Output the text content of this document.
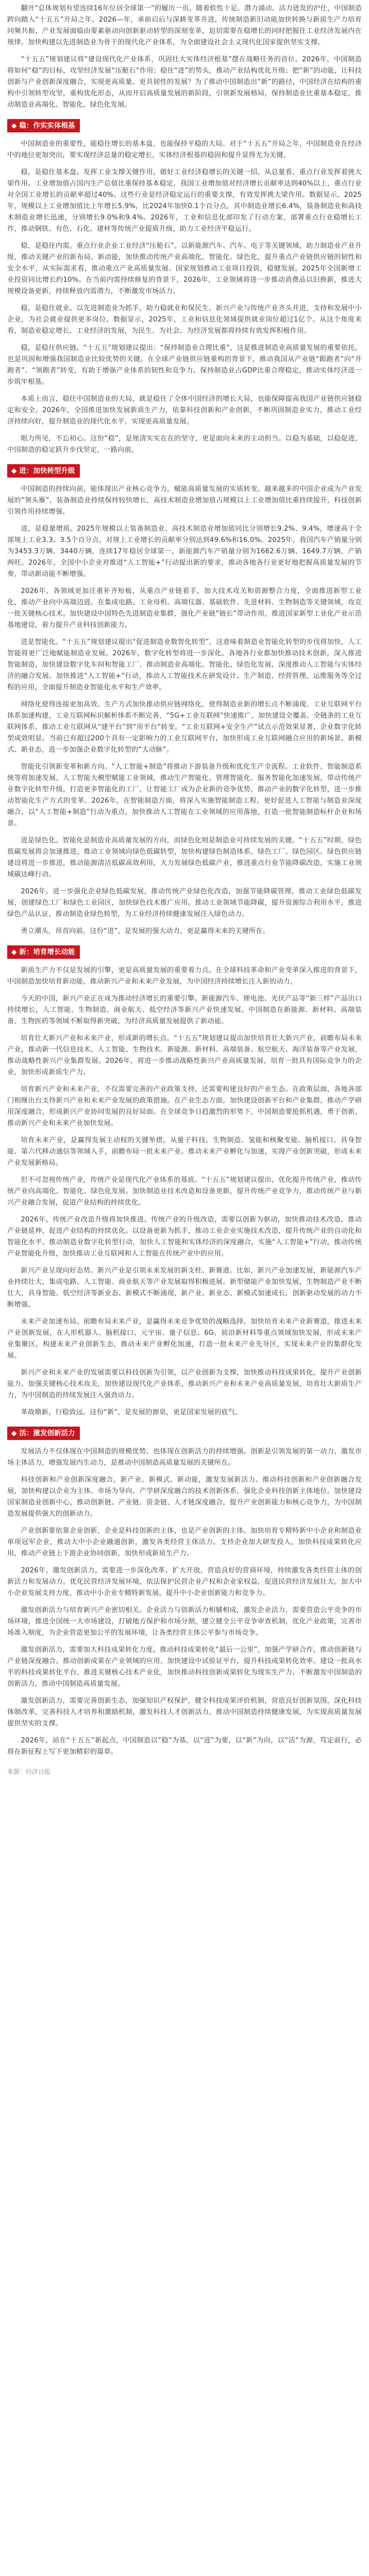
翻开“总体规划有望连续16年位居全球第一”的履历一页，随着软性十足、潜力涌动、活力迸发的沪仕，中国制造跨向踏入“十五五”开局之年。2026—年，承前启后与深耕变革并进，传统制造新旧动能加快转换与新质生产力培育同频共振，产业发展面临由要素驱动向创新驱动转型的深刻变革，迫切需要在稳增长的同时把握住工业经济发展内在规律。加快构建以先进制造业为骨干的现代化产业体系，为全面建设社会主义现代化国家提供坚实支撑。

“十五五”规划建议将“建设现代化产业体系，巩固壮大实体经济根基”摆在战略任务的首位。2026年，中国制造将如何“稳”的目标，攻坚经济发展“压舱石”作用；稳住“进”的势头，推动产业结构优化升级；把“新”的动能，让科技创新与产业创新深度融合，实现更高质量、更具韧性的发展？为了推动中国制造出“新”的路径，中国经济在结构的重构中引领转型攻坚，重构优化形态，从而开启高质量发展的新阶段，引领新发展格局，保持制造业比重基本稳定，推动制造业高端化、智能化、绿色化发展。

◆ 稳：作实实体根基

中国制造业的重要性，能稳住增长的基本盘，也能保持平稳的大局。对于“十五五”开局之年，中国制造业在经济中的地位更加突出，要实现经济总量的稳定增长，实体经济根基的稳固和提升显得尤为关键。

稳，是稳住基本盘。发挥工业支撑关键作用，做好工业经济稳增长的关键一招。从总量看，重点行业发挥着挑大梁作用。工业增加值占国内生产总值比重保持基本稳定，我国工业增加值对经济增长贡献率达到40%以上，重点行业对全国工业增长的贡献率超过40%。这些行业是经济稳定运行的重要支撑，有效发挥挑大梁作用。数据显示，2025年，规模以上工业增加值比上年增长5.9%，比2024年加快0.1个百分点。其中制造业增长6.4%，装备制造业和高技术制造业增长迅速，分别增长9.0%和9.4%。2026年，工业和信息化部印发了行动方案，部署重点行业稳增长工作，推动钢铁、有色、石化、建材等传统产业提质升级，助力工业经济平稳运行。

稳，是稳住内需。重点行业企业工业经济“压舱石”。以新能源汽车、汽车、电子等关键领域，助力制造业产业升级，推动关键产业的新布局、新动能，加快推动传统产业高端化、智能化、绿色化，提升重点产业链供应链的韧性和安全水平，从实际需求看，推动重点产业高质量发展、国家规划推动工业项目投资，稳健发展。2025年全国新增工业投资同比增长约10%。在当前内需持续修复的背景下，2026年，工业领域将进一步推动消费品以旧换新，推进大规模设备更新，持续释放内需潜力，不断激发市场活力。

稳，是稳住就业。以先进制造业为抓手，助力稳就业和保民生。新兴产业与传统产业齐头并进，支持和发展中小企业，为社会就业提供更多岗位。数据显示，2025年，工业和信息化领域提供就业岗位超过1亿个。从这个角度来看，制造业稳定增长，工业经济的发展，为民生、为社会、为经济发展都将持续有效发挥积极作用。

稳，是稳住供应链。“十五五”规划建议提出：“保持制造业合理比重”，这是推进制造业高质量发展的重要依托，也是巩固和增强我国制造业比较优势的关键。在全球产业链供应链重构的背景下，推动我国从产业链“跟跑者”向“并跑者”、“领跑者”转变，有助于增强产业体系的韧性和竞争力。保持制造业占GDP比重合理稳定，推动实体经济进一步筑牢根基。

本质上而言，稳住中国制造业的大局，就是稳住了全体中国经济的增长大局，也能保障提高我国产业链供应链稳定和安全。2026年，全国推进加快发展新质生产力，依靠科技创新和产业创新，不断巩固制造业实力，推动工业经济持续向好，提升制造业的现代化水平，实现更高质量发展。

眼力所见，不忘初心。这份“稳”，是厘清实实在在的坚守，更是面向未来的主动担当。以稳为基础，以稳促进，中国制造的稳定跃升步伐坚定，一路向前。

◆ 进：加快转型升级

中国制造的持续向前，能体现出产业核心竞争力，赋能高质量发展的实质转变。越来越多的中国企业成为产业发展的“领头雁”，装备制造业持续保持较快增长，高技术制造业增加值占规模以上工业增加值比重持续提升，科技创新引领作用持续增强。

进，是稳量增质。2025年规模以上装备制造业、高技术制造业增加值同比分别增长9.2%、9.4%，增速高于全部规上工业3.3、3.5个百分点，对规上工业增长的贡献率分别达到49.6%和16.0%。2025年，我国汽车产销量分别为3453.3万辆、3440万辆，连续17年稳居全球第一，新能源汽车产销量分别为1662.6万辆、1649.7万辆，产销两旺。2026年，全国中小企业对推进“人工智能+”行动提出新的要求，推动各地各行业更好地把握高质量发展的节奏，带动新动能不断增强。

2026年，各领域更加注重补齐短板，从重点产业链着手，加大技术攻关和资源整合力度，全面推进新型工业化，推动产业向中高端迈进。在集成电路、工业母机、高端仪器、基础软件、先进材料、生物制造等关键领域，攻克一批关键核心技术。加快建设中国特色先进制造业集群，强化产业链“链长”带动作用，推进国家新型工业化产业示范基地建设，着力提升产业科技创新能力。

进是智能化。“十五五”规划建议提出“促进制造业数智化转型”，这意味着制造业智能化转型的步伐将加快，人工智能将更广泛地赋能制造业发展。2026年，数字化转型将进一步深化。各地各行业都加快推动技术创新，深入推进智能制造，加快建设数字化车间和智能工厂，推动制造业高端化、智能化、绿色化发展，深度推动人工智能与实体经济的融合发展。加快推进“人工智能+”行动，推动人工智能技术在研发设计、生产制造、经营管理、运维服务等全过程的应用，全面提升制造业智能化水平和生产效率。

网络化使得连接更加高效。生产方式加快推动供应链网络化，使得制造业新的增长点不断涌现。工业互联网平台体系加速构建，工业互联网标识解析体系不断完善，“5G+工业互联网”快速推广，加快建设全覆盖、全链条的工业互联网体系，推动工业互联网从“建平台”到“用平台”转变。“工业互联网+安全生产”试点示范效果显著，企业数字化转型成效明显。当前已有超过200个具有一定影响力的工业互联网平台，加快形成工业互联网融合应用的新场景、新模式、新业态，进一步加强企业数字化转型的“大动脉”。

智能化引领新变革和新方向。“人工智能+制造”将推动下游装备升级和优化生产全流程。工业软件、智能制造系统等将加速发展，人工智能大模型赋能工业领域，推动生产智能化、管理智能化、服务智能化加速发展，带动传统产业数字化转型升级，打造更多智能化的工厂，让智能工厂成为企业新的竞争优势，推动产业的数字化转型，进一步推动智能化生产方式的变革。2026年，在智能制造方面，将深入实施智能制造工程，更好促进人工智能与制造业深度融合，以“人工智能+制造”行动为重点，加快推动人工智能在工业领域的应用落地，打造一批智能制造标杆企业和场景。

进是绿色化。智能化是制造业高质量发展的方向，而绿色化则是制造业可持续发展的关键。“十五五”时期，绿色低碳发展将会加速推进，推动工业领域向绿色低碳转型，加快构建绿色制造体系，绿色工厂、绿色园区、绿色供应链建设将进一步推进，推动能源清洁低碳高效利用，大力发展绿色低碳产业，推进重点行业节能降碳改造，实施工业领域碳达峰行动。

2026年，进一步强化企业绿色低碳发展，推动传统产业绿色化改造，加强节能降碳管理，推动工业绿色低碳发展，创建绿色工厂和绿色工业园区，加快绿色技术推广应用。推动工业领域节能降碳，提升资源综合利用水平，推进绿色产品认证，推动制造业绿色转型，为工业经济持续健康发展注入绿色动力。

勇立潮头，昂首向前。这份“进”，是发展的强大动力，更是赢得未来的关键所在。

◆ 新：培育增长动能

新质生产力不仅是发展的引擎，更是高质量发展的重要着力点。在全球科技革命和产业变革深入推进的背景下，中国制造加快培育新动能，推动新兴产业和未来产业发展，为中国经济持续增长注入新的动力。

今天的中国，新兴产业正在成为推动经济增长的重要引擎。新能源汽车、锂电池、光伏产品等“新三样”产品出口持续增长，人工智能、生物制造、商业航天、低空经济等新兴产业快速发展。中国制造在新能源、新材料、高端装备、生物医药等领域不断取得新突破，为经济高质量发展提供了新动能。

培育壮大新兴产业和未来产业，形成新的增长点。“十五五”规划建议提出加快培育壮大新兴产业，前瞻布局未来产业，推动新一代信息技术、人工智能、生物技术、新能源、新材料、高端装备、航空航天、海洋装备等产业发展，推动战略性新兴产业集群发展。2026年，将进一步推动战略性新兴产业高质量发展，培育一批具有国际竞争力的企业，加快形成新质生产力。

培育新兴产业和未来产业，不仅需要完善的产业政策支持，还需要构建良好的产业生态。在政策层面，各地各部门相继出台支持新兴产业和未来产业发展的政策措施。在产业生态方面，加快建设创新平台和产业集群，推动产学研用深度融合，形成新兴产业协同发展的良好局面。在全球竞争日趋激烈的形势下，中国制造要抢抓机遇，勇于创新，推动新兴产业和未来产业加快发展。

培育未来产业，是赢得发展主动权的关键举措。从量子科技、生物制造、氢能和核聚变能、脑机接口、具身智能、第六代移动通信等领域入手，前瞻布局一批未来产业。推动未来产业孵化与加速，实现产业创新突破，形成未来产业发展新格局。

但不可忽视传统产业，传统产业是现代化产业体系的基底。“十五五”规划建议提出，优化提升传统产业，推动传统产业向高端化、智能化、绿色化发展。加快制造业技术改造和设备更新，提升传统产业竞争力，推动传统产业与新兴产业融合发展，促进产业结构的持续优化。

2026年，传统产业改造升级将加快推进。传统产业的升级改造，需要以创新为驱动，加快推动技术改造，推动产业链延伸，促进产业结构的持续优化。以设备更新为抓手，推动工业企业实施技术改造，提升传统产业的自动化和智能化水平。推动制造业数字化转型行动，加快人工智能和实体经济的深度融合，实施“人工智能+”行动，推动传统产业智能化升级，加快推动工业互联网和人工智能在传统产业中的应用。

新兴产业呈现向好态势。新兴产业是引领未来发展的新支柱、新赛道。比如，新兴产业加速发展，新能源汽车产业持续壮大，集成电路、人工智能、商业航天等产业发展取得积极进展。新型储能产业加快发展，生物制造产业不断壮大，具身智能、低空经济等新业态、新模式不断涌现，新产业、新业态、新模式加速成长，创新驱动发展的动力不断增强。

未来产业加速布局。前瞻布局未来产业，是赢得未来竞争优势的战略选择。加快培育未来产业新赛道，推进未来产业创新发展，在人形机器人、脑机接口、元宇宙、量子信息、6G、前沿新材料等重点领域加快发展，形成未来产业集聚区。构建未来产业创新生态，推动未来产业孵化加速，打造一批未来产业先导区，实现未来产业的集群化发展。

新兴产业和未来产业的发展需要以科技创新为引领，以产业创新为支撑，加快推动科技成果转化，提升产业创新能力。加强关键核心技术攻关，加快建设现代化产业体系，推动新兴产业和未来产业高质量发展，培育壮大新质生产力，为中国制造的持续发展注入强劲动力。

革故鼎新，行稳致远。这份“新”，是发展的源泉，更是国家发展的底气。

◆ 活：激发创新活力

发展活力不仅体现在中国制造的规模优势，也体现在创新活力的持续增强。创新是引领发展的第一动力，激发市场主体活力，增强发展内生动力，是推动中国制造高质量发展的关键所在。

科技创新和产业创新深度融合，新产业、新模式、新动能，激发发展新活力。推动科技创新和产业创新融合发展，加快构建以企业为主体、市场为导向、产学研深度融合的技术创新体系，强化企业科技创新主体地位。加快建设国家制造业创新中心，推动创新链、产业链、资金链、人才链深度融合，提升产业创新能力和核心竞争力，为中国制造发展提供强大的创新动力。

产业创新要依靠企业创新，企业是科技创新的主体，也是产业创新的主体。加快培育专精特新中小企业和制造业单项冠军企业，推动大中小企业融通创新，激发各类经营主体活力。支持企业加大研发投入，加快科技成果转化应用，推动产业链上下游企业协同创新，加快形成新质生产力。

2026年，激发创新活力，需要进一步深化改革、扩大开放，营造良好的营商环境，持续激发各类经营主体的创新活力和发展动力。优化民营经济发展环境，依法保护民营企业产权和企业家权益，促进民营经济发展壮大。加大中小企业发展支持力度，推动中小企业专精特新发展，提升中小企业创新能力和竞争力。

激发创新活力与培育新兴产业密切相关。企业活力与创新活力相辅相成，激发企业活力，需要营造公平竞争的市场环境，推进全国统一大市场建设，打破地方保护和市场分割，建立健全公平竞争审查机制，优化产业政策，完善市场准入制度，为企业营造更加公平的发展环境，让各类经营主体公平参与市场竞争。

激发创新活力，需要加大科技成果转化力度。推动科技成果转化“最后一公里”，加强产学研合作，推动创新链与产业链深度融合。推动创新成果在产业领域的应用，加快建设中试验证平台，提升科技成果转化效率。建设一批高水平的科技成果转化平台，推进关键核心技术产业化，加快推动科技创新成果转化为现实生产力，不断激发中国制造的创新活力，推动中国制造高质量发展。

激发创新活力，需要完善创新生态，加强知识产权保护，健全科技成果评价机制，营造良好创新氛围。深化科技体制改革，完善科技人才培养和激励机制，激发科技人才创新活力，推动中国制造持续健康发展，为实现高质量发展提供坚实的支撑。

2026年，站在“十五五”新起点，中国制造以“稳”为基，以“进”为要，以“新”为向，以“活”为源，笃定前行，必将在新征程上写下更加精彩的篇章。

来源：经济日报
